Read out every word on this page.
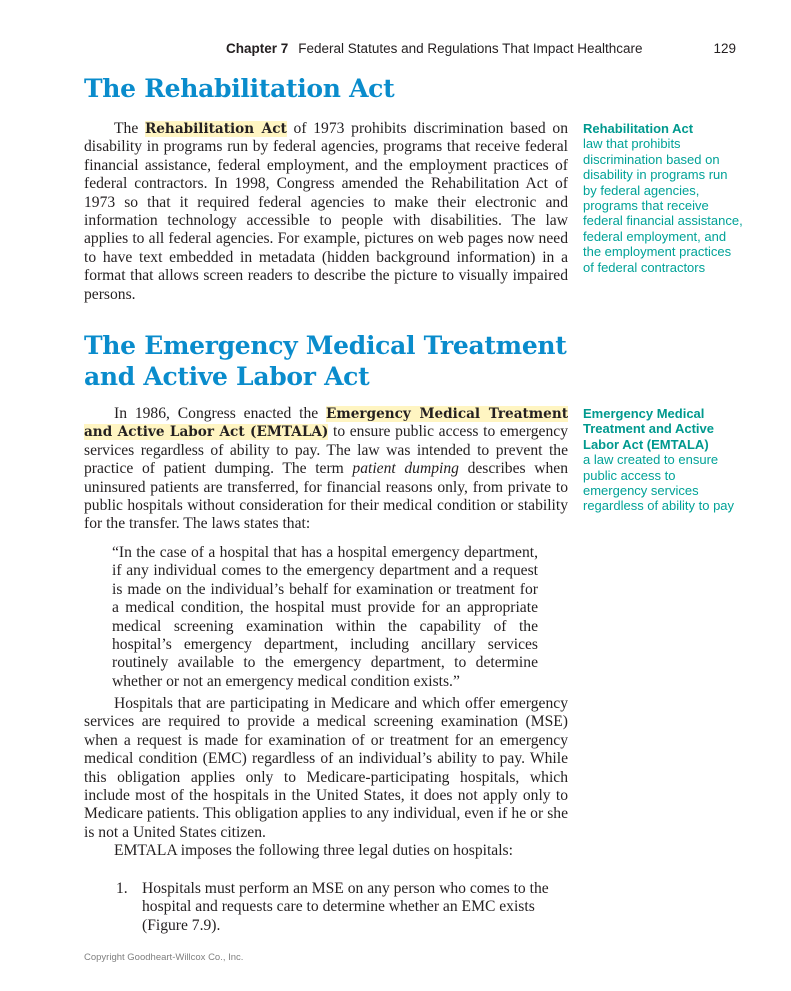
Chapter 7 Federal Statutes and Regulations That Impact Healthcare	129
The Rehabilitation Act

The Rehabilitation Act of 1973 prohibits discrimination based on disability in programs run by federal agencies, programs that receive federal financial assistance, federal employment, and the employment practices of federal contractors. In 1998, Congress amended the Rehabilitation Act of 1973 so that it required federal agencies to make their electronic and information technology accessible to people with disabilities. The law applies to all federal agencies. For example, pictures on web pages now need to have text embedded in metadata (hidden background information) in a format that allows screen readers to describe the picture to visually impaired persons.

Rehabilitation Act
law that prohibits discrimination based on disability in programs run by federal agencies, programs that receive federal financial assistance, federal employment, and the employment practices of federal contractors
The Emergency Medical Treatment
and Active Labor Act

In 1986, Congress enacted the Emergency Medical Treatment and Active Labor Act (EMTALA) to ensure public access to emergency services regardless of ability to pay. The law was intended to prevent the practice of patient dumping. The term patient dumping describes when uninsured patients are transferred, for financial reasons only, from private to public hospitals without consideration for their medical condition or stability for the transfer. The laws states that:

Emergency Medical Treatment and Active Labor Act (EMTALA)
a law created to ensure public access to emergency services regardless of ability to pay

“In the case of a hospital that has a hospital emergency department, if any individual comes to the emergency department and a request is made on the individual’s behalf for examination or treatment for a medical condition, the hospital must provide for an appropriate medical screening examination within the capability of the hospital’s emergency department, including ancillary services routinely available to the emergency department, to determine whether or not an emergency medical condition exists.”

Hospitals that are participating in Medicare and which offer emergency services are required to provide a medical screening examination (MSE) when a request is made for examination of or treatment for an emergency medical condition (EMC) regardless of an individual’s ability to pay. While this obligation applies only to Medicare-participating hospitals, which include most of the hospitals in the United States, it does not apply only to Medicare patients. This obligation applies to any individual, even if he or she is not a United States citizen.

EMTALA imposes the following three legal duties on hospitals:

1. Hospitals must perform an MSE on any person who comes to the hospital and requests care to determine whether an EMC exists (Figure 7.9).
Copyright Goodheart-Willcox Co., Inc.
